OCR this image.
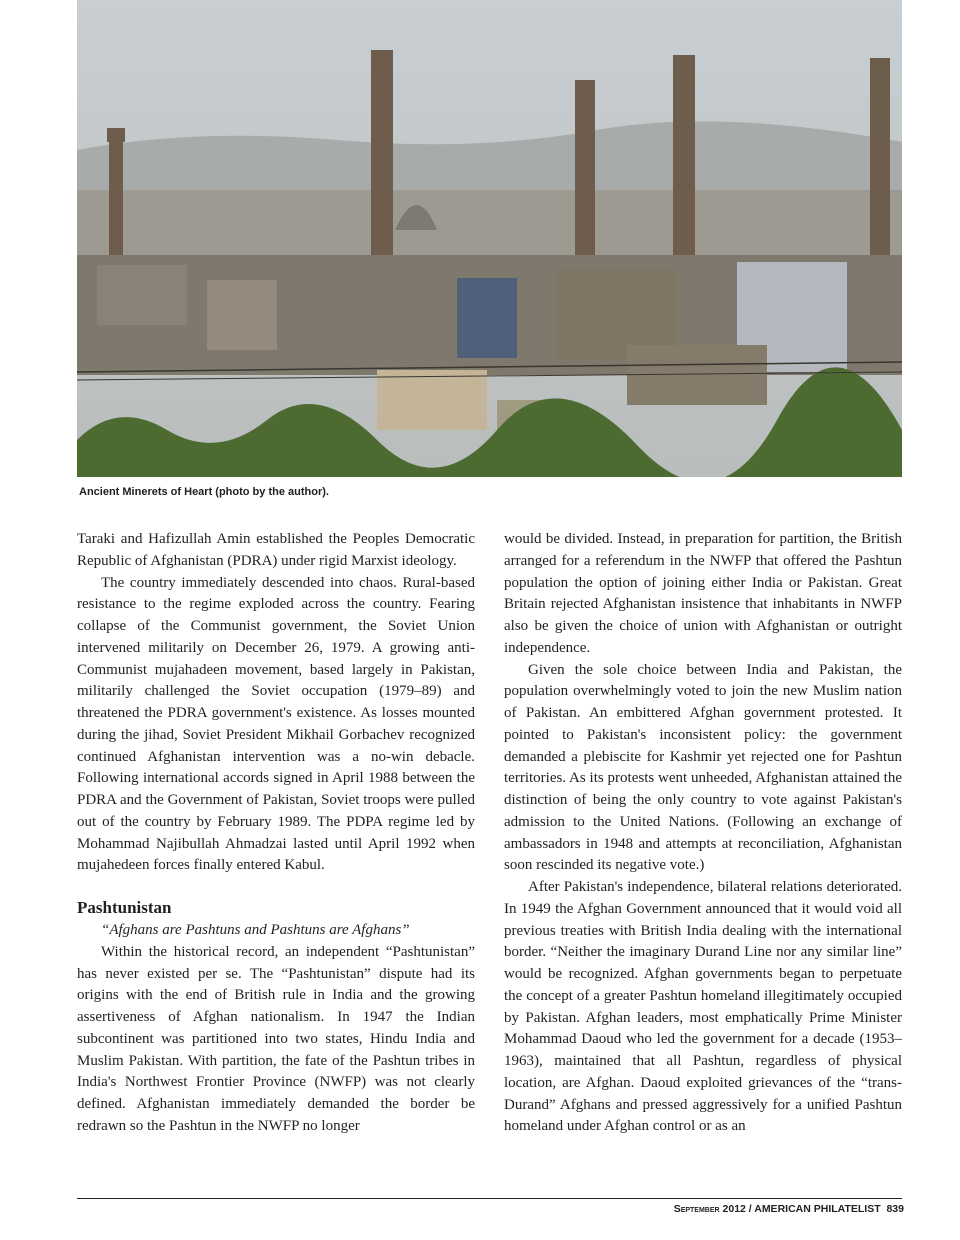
Ancient Minerets of Heart (photo by the author).

Taraki and Hafizullah Amin established the Peoples Democratic Republic of Afghanistan (PDRA) under rigid Marxist ideology.

The country immediately descended into chaos. Rural-based resistance to the regime exploded across the country. Fearing collapse of the Communist government, the Soviet Union intervened militarily on December 26, 1979. A growing anti-Communist mujahadeen movement, based largely in Pakistan, militarily challenged the Soviet occupation (1979–89) and threatened the PDRA government's existence. As losses mounted during the jihad, Soviet President Mikhail Gorbachev recognized continued Afghanistan intervention was a no-win debacle. Following international accords signed in April 1988 between the PDRA and the Government of Pakistan, Soviet troops were pulled out of the country by February 1989. The PDPA regime led by Mohammad Najibullah Ahmadzai lasted until April 1992 when mujahedeen forces finally entered Kabul.

Pashtunistan

“Afghans are Pashtuns and Pashtuns are Afghans”

Within the historical record, an independent “Pashtunistan” has never existed per se. The “Pashtunistan” dispute had its origins with the end of British rule in India and the growing assertiveness of Afghan nationalism. In 1947 the Indian subcontinent was partitioned into two states, Hindu India and Muslim Pakistan. With partition, the fate of the Pashtun tribes in India's Northwest Frontier Province (NWFP) was not clearly defined. Afghanistan immediately demanded the border be redrawn so the Pashtun in the NWFP no longer

would be divided. Instead, in preparation for partition, the British arranged for a referendum in the NWFP that offered the Pashtun population the option of joining either India or Pakistan. Great Britain rejected Afghanistan insistence that inhabitants in NWFP also be given the choice of union with Afghanistan or outright independence.

Given the sole choice between India and Pakistan, the population overwhelmingly voted to join the new Muslim nation of Pakistan. An embittered Afghan government protested. It pointed to Pakistan's inconsistent policy: the government demanded a plebiscite for Kashmir yet rejected one for Pashtun territories. As its protests went unheeded, Afghanistan attained the distinction of being the only country to vote against Pakistan's admission to the United Nations. (Following an exchange of ambassadors in 1948 and attempts at reconciliation, Afghanistan soon rescinded its negative vote.)

After Pakistan's independence, bilateral relations deteriorated. In 1949 the Afghan Government announced that it would void all previous treaties with British India dealing with the international border. “Neither the imaginary Durand Line nor any similar line” would be recognized. Afghan governments began to perpetuate the concept of a greater Pashtun homeland illegitimately occupied by Pakistan. Afghan leaders, most emphatically Prime Minister Mohammad Daoud who led the government for a decade (1953–1963), maintained that all Pashtun, regardless of physical location, are Afghan. Daoud exploited grievances of the “trans-Durand” Afghans and pressed aggressively for a unified Pashtun homeland under Afghan control or as an

September 2012 / AMERICAN PHILATELIST 839
